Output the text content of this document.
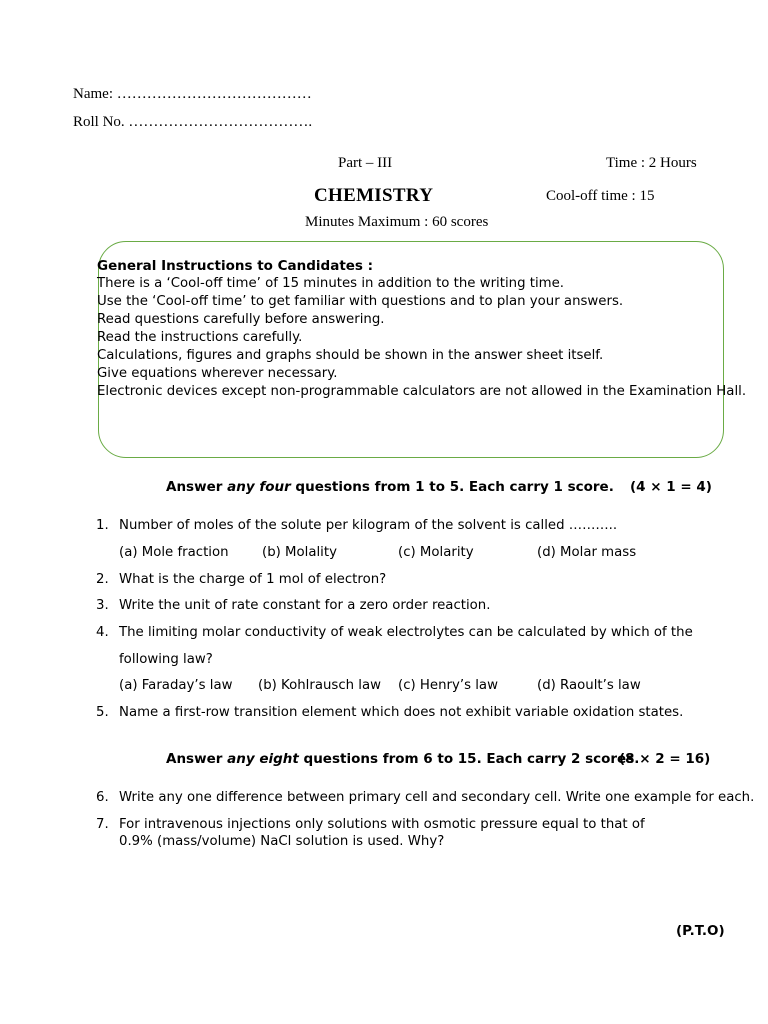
Name: …………………………………
Roll No. ……………………………….
Part – III	Time : 2 Hours
CHEMISTRY	Cool-off time : 15
Minutes Maximum : 60 scores
General Instructions to Candidates :
There is a ‘Cool-off time’ of 15 minutes in addition to the writing time.
Use the ‘Cool-off time’ to get familiar with questions and to plan your answers.
Read questions carefully before answering.
Read the instructions carefully.
Calculations, figures and graphs should be shown in the answer sheet itself.
Give equations wherever necessary.
Electronic devices except non-programmable calculators are not allowed in the Examination Hall.
Answer any four questions from 1 to 5. Each carry 1 score. (4 × 1 = 4)
1. Number of moles of the solute per kilogram of the solvent is called ………..
(a) Mole fraction	(b) Molality	(c) Molarity	(d) Molar mass
2. What is the charge of 1 mol of electron?
3. Write the unit of rate constant for a zero order reaction.
4. The limiting molar conductivity of weak electrolytes can be calculated by which of the
following law?
(a) Faraday’s law (b) Kohlrausch law (c) Henry’s law	(d) Raoult’s law
5. Name a first-row transition element which does not exhibit variable oxidation states.
Answer any eight questions from 6 to 15. Each carry 2 scores.
(8 × 2 = 16)
6. Write any one difference between primary cell and secondary cell. Write one example for each.
7. For intravenous injections only solutions with osmotic pressure equal to that of
0.9% (mass/volume) NaCl solution is used. Why?
(P.T.O)
